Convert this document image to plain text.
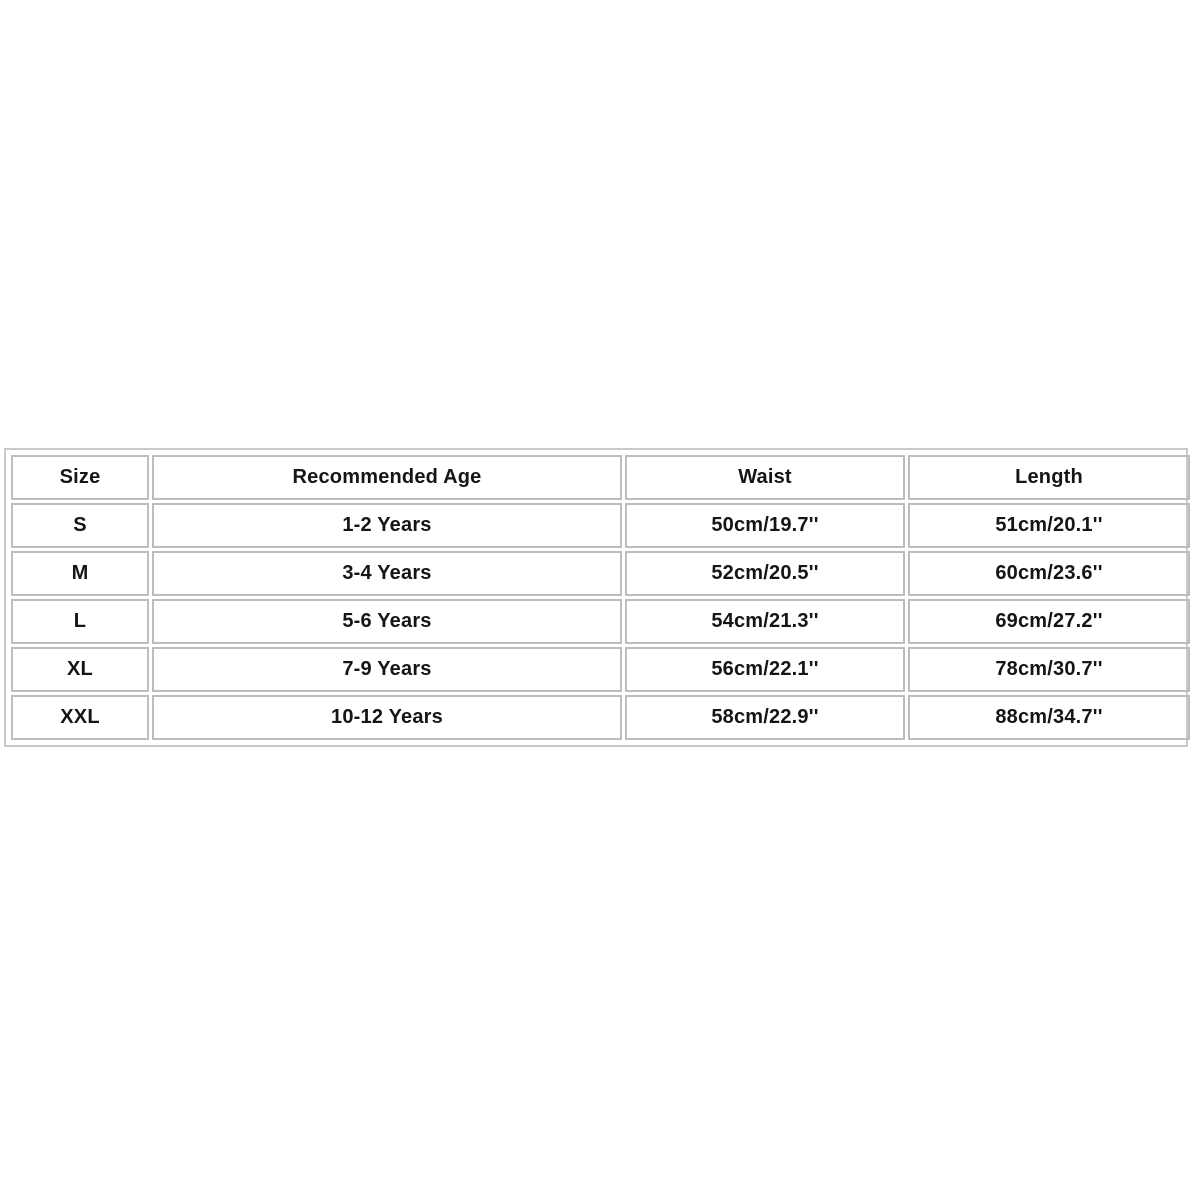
Size	Recommended Age	Waist	Length
S	1-2 Years	50cm/19.7''	51cm/20.1''
M	3-4 Years	52cm/20.5''	60cm/23.6''
L	5-6 Years	54cm/21.3''	69cm/27.2''
XL	7-9 Years	56cm/22.1''	78cm/30.7''
XXL	10-12 Years	58cm/22.9''	88cm/34.7''
